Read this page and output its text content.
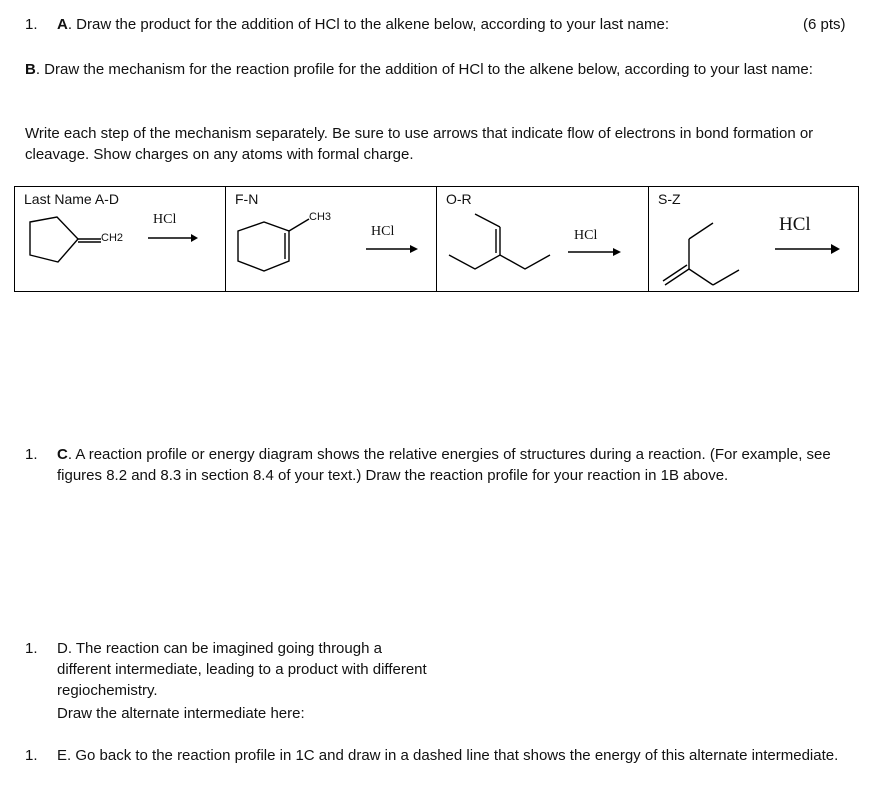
1.	A. Draw the product for the addition of HCl to the alkene below, according to your last name:	(6 pts)
B. Draw the mechanism for the reaction profile for the addition of HCl to the alkene below, according to your last name:
Write each step of the mechanism separately. Be sure to use arrows that indicate flow of electrons in bond formation or cleavage. Show charges on any atoms with formal charge.
Last Name A-D
CH2
HCl
F-N
CH3
HCl
O-R
HCl
S-Z
HCl
1.	C. A reaction profile or energy diagram shows the relative energies of structures during a reaction. (For example, see figures 8.2 and 8.3 in section 8.4 of your text.) Draw the reaction profile for your reaction in 1B above.
1.	D. The reaction can be imagined going through a different intermediate, leading to a product with different regiochemistry.
Draw the alternate intermediate here:
1.	E. Go back to the reaction profile in 1C and draw in a dashed line that shows the energy of this alternate intermediate.
